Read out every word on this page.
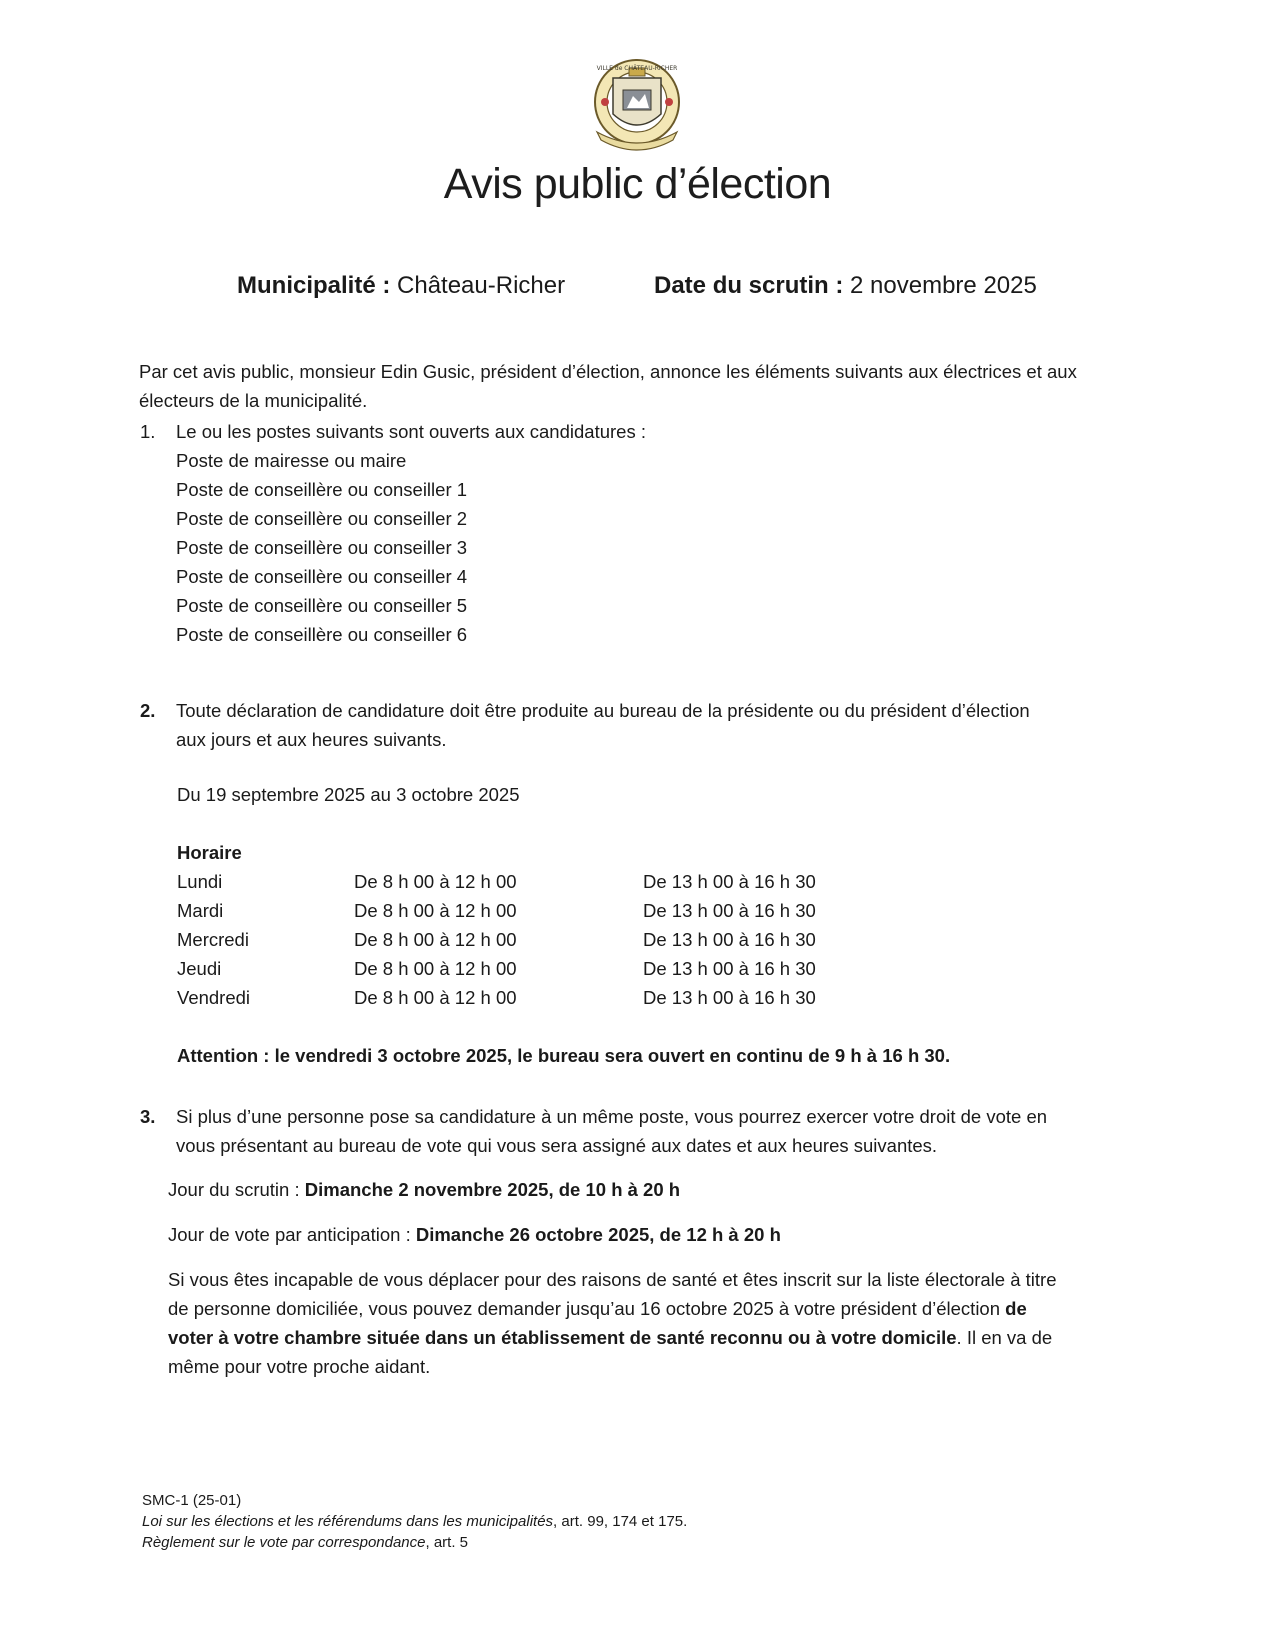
VILLE de CHÂTEAU-RICHER
Avis public d’élection
Municipalité : Château-Richer	Date du scrutin : 2 novembre 2025
Par cet avis public, monsieur Edin Gusic, président d’élection, annonce les éléments suivants aux électrices et aux électeurs de la municipalité.
1.	Le ou les postes suivants sont ouverts aux candidatures :
Poste de mairesse ou maire
Poste de conseillère ou conseiller 1
Poste de conseillère ou conseiller 2
Poste de conseillère ou conseiller 3
Poste de conseillère ou conseiller 4
Poste de conseillère ou conseiller 5
Poste de conseillère ou conseiller 6
2.	Toute déclaration de candidature doit être produite au bureau de la présidente ou du président d’élection
aux jours et aux heures suivants.
Du 19 septembre 2025 au 3 octobre 2025
Horaire
Lundi	De 8 h 00 à 12 h 00	De 13 h 00 à 16 h 30
Mardi	De 8 h 00 à 12 h 00	De 13 h 00 à 16 h 30
Mercredi	De 8 h 00 à 12 h 00	De 13 h 00 à 16 h 30
Jeudi	De 8 h 00 à 12 h 00	De 13 h 00 à 16 h 30
Vendredi	De 8 h 00 à 12 h 00	De 13 h 00 à 16 h 30
Attention : le vendredi 3 octobre 2025, le bureau sera ouvert en continu de 9 h à 16 h 30.
3.	Si plus d’une personne pose sa candidature à un même poste, vous pourrez exercer votre droit de vote en
vous présentant au bureau de vote qui vous sera assigné aux dates et aux heures suivantes.
Jour du scrutin : Dimanche 2 novembre 2025, de 10 h à 20 h
Jour de vote par anticipation : Dimanche 26 octobre 2025, de 12 h à 20 h
Si vous êtes incapable de vous déplacer pour des raisons de santé et êtes inscrit sur la liste électorale à titre
de personne domiciliée, vous pouvez demander jusqu’au 16 octobre 2025 à votre président d’élection de
voter à votre chambre située dans un établissement de santé reconnu ou à votre domicile. Il en va de
même pour votre proche aidant.
SMC-1 (25-01)
Loi sur les élections et les référendums dans les municipalités, art. 99, 174 et 175.
Règlement sur le vote par correspondance, art. 5
